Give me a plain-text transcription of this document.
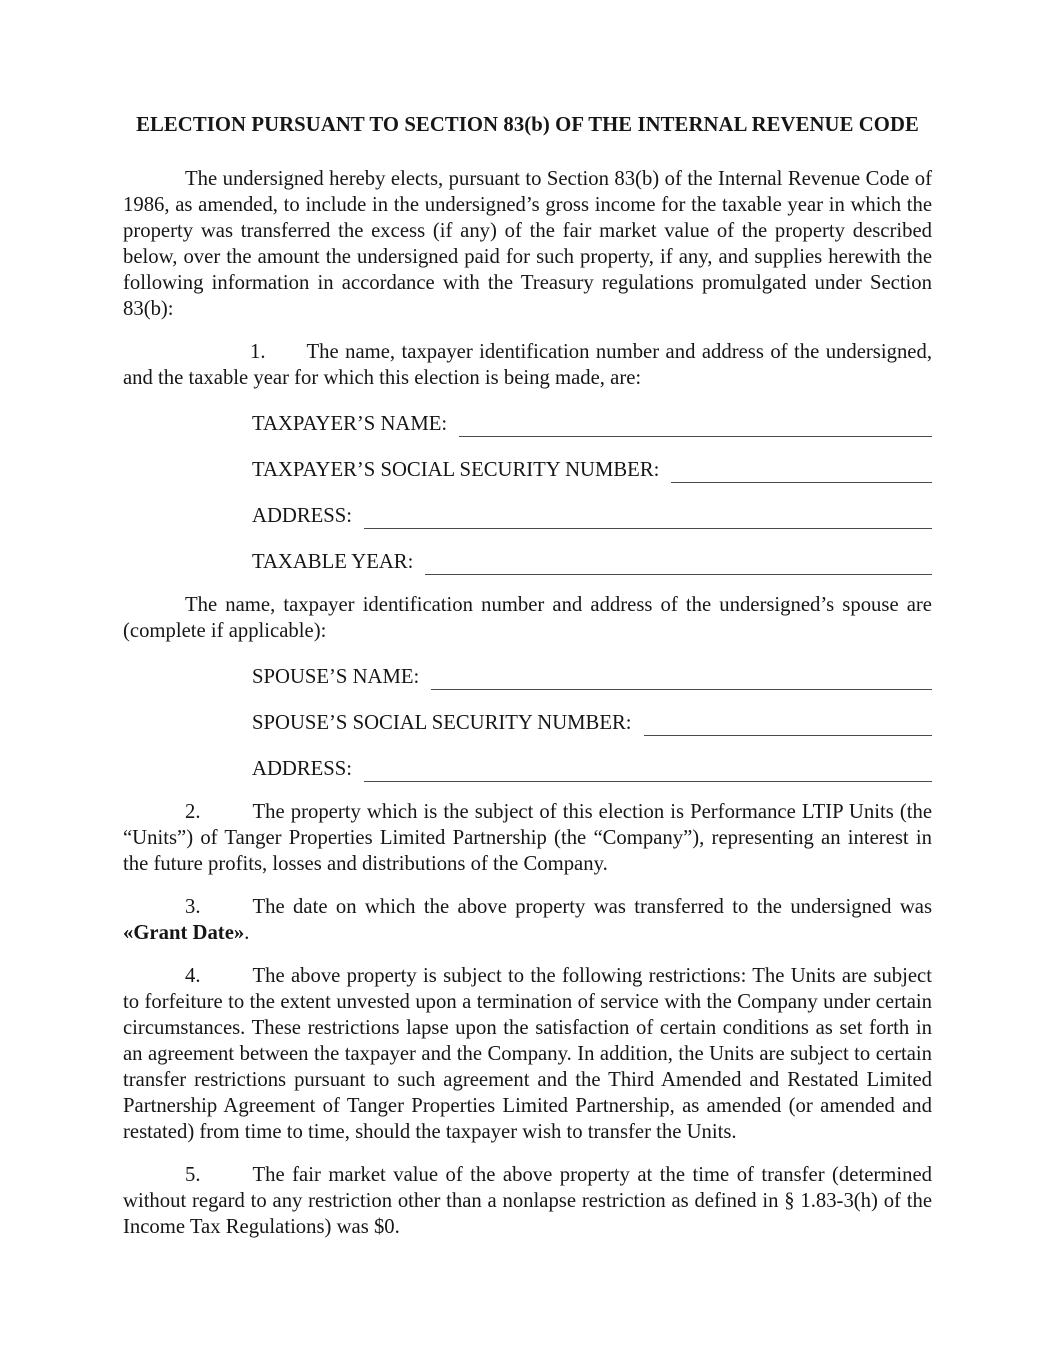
ELECTION PURSUANT TO SECTION 83(b) OF THE INTERNAL REVENUE CODE

The undersigned hereby elects, pursuant to Section 83(b) of the Internal Revenue Code of 1986, as amended, to include in the undersigned’s gross income for the taxable year in which the property was transferred the excess (if any) of the fair market value of the property described below, over the amount the undersigned paid for such property, if any, and supplies herewith the following information in accordance with the Treasury regulations promulgated under Section 83(b):

1. The name, taxpayer identification number and address of the undersigned, and the taxable year for which this election is being made, are:

TAXPAYER’S NAME:
TAXPAYER’S SOCIAL SECURITY NUMBER:
ADDRESS:
TAXABLE YEAR:

The name, taxpayer identification number and address of the undersigned’s spouse are (complete if applicable):

SPOUSE’S NAME:
SPOUSE’S SOCIAL SECURITY NUMBER:
ADDRESS:

2.	The property which is the subject of this election is Performance LTIP Units (the “Units”) of Tanger Properties Limited Partnership (the “Company”), representing an interest in the future profits, losses and distributions of the Company.

3.	The date on which the above property was transferred to the undersigned was «Grant Date».

4.	The above property is subject to the following restrictions: The Units are subject to forfeiture to the extent unvested upon a termination of service with the Company under certain circumstances. These restrictions lapse upon the satisfaction of certain conditions as set forth in an agreement between the taxpayer and the Company. In addition, the Units are subject to certain transfer restrictions pursuant to such agreement and the Third Amended and Restated Limited Partnership Agreement of Tanger Properties Limited Partnership, as amended (or amended and restated) from time to time, should the taxpayer wish to transfer the Units.

5.	The fair market value of the above property at the time of transfer (determined without regard to any restriction other than a nonlapse restriction as defined in § 1.83-3(h) of the Income Tax Regulations) was $0.
